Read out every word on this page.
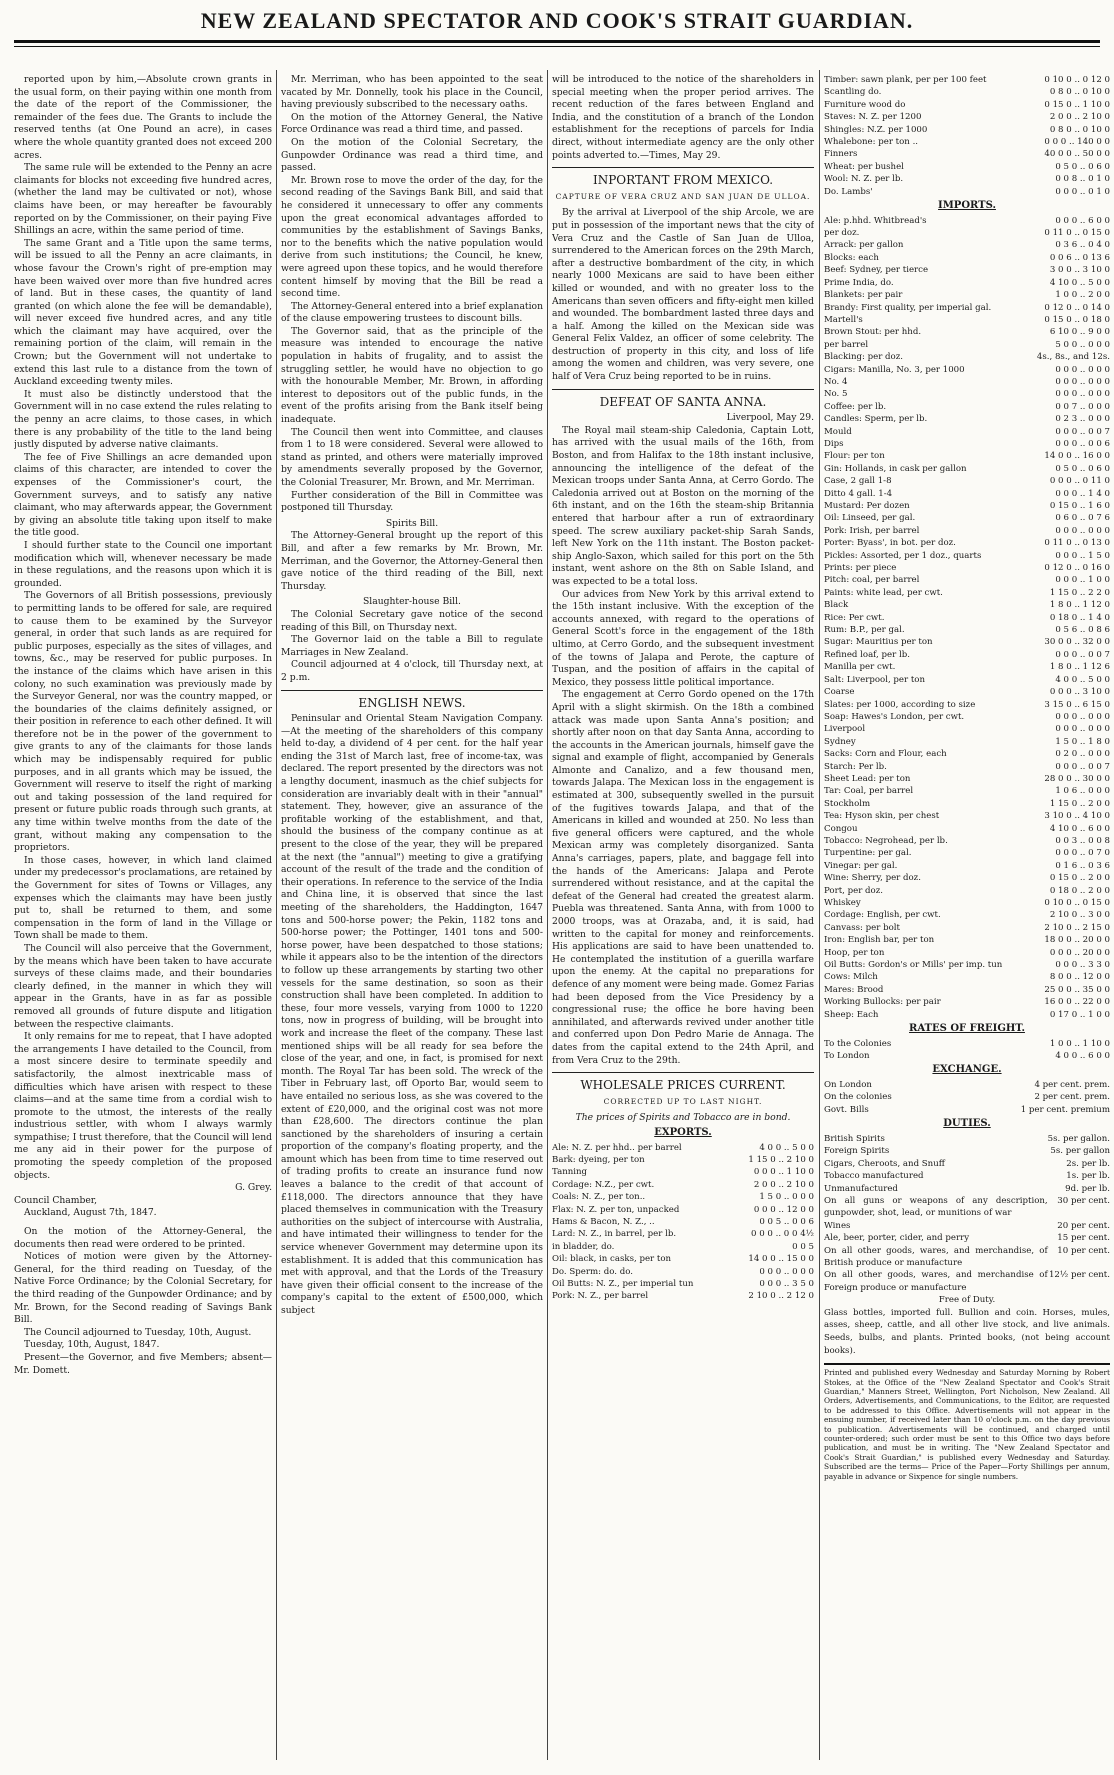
NEW ZEALAND SPECTATOR AND COOK'S STRAIT GUARDIAN.

reported upon by him,—Absolute crown grants in the usual form, on their paying within one month from the date of the report of the Commissioner, the remainder of the fees due. The Grants to include the reserved tenths (at One Pound an acre), in cases where the whole quantity granted does not exceed 200 acres.

The same rule will be extended to the Penny an acre claimants for blocks not exceeding five hundred acres, (whether the land may be cultivated or not), whose claims have been, or may hereafter be favourably reported on by the Commissioner, on their paying Five Shillings an acre, within the same period of time.

The same Grant and a Title upon the same terms, will be issued to all the Penny an acre claimants, in whose favour the Crown's right of pre-emption may have been waived over more than five hundred acres of land. But in these cases, the quantity of land granted (on which alone the fee will be demandable), will never exceed five hundred acres, and any title which the claimant may have acquired, over the remaining portion of the claim, will remain in the Crown; but the Government will not undertake to extend this last rule to a distance from the town of Auckland exceeding twenty miles.

It must also be distinctly understood that the Government will in no case extend the rules relating to the penny an acre claims, to those cases, in which there is any probability of the title to the land being justly disputed by adverse native claimants.

The fee of Five Shillings an acre demanded upon claims of this character, are intended to cover the expenses of the Commissioner's court, the Government surveys, and to satisfy any native claimant, who may afterwards appear, the Government by giving an absolute title taking upon itself to make the title good.

I should further state to the Council one important modification which will, whenever necessary be made in these regulations, and the reasons upon which it is grounded.

The Governors of all British possessions, previously to permitting lands to be offered for sale, are required to cause them to be examined by the Surveyor general, in order that such lands as are required for public purposes, especially as the sites of villages, and towns, &c., may be reserved for public purposes. In the instance of the claims which have arisen in this colony, no such examination was previously made by the Surveyor General, nor was the country mapped, or the boundaries of the claims definitely assigned, or their position in reference to each other defined. It will therefore not be in the power of the government to give grants to any of the claimants for those lands which may be indispensably required for public purposes, and in all grants which may be issued, the Government will reserve to itself the right of marking out and taking possession of the land required for present or future public roads through such grants, at any time within twelve months from the date of the grant, without making any compensation to the proprietors.

In those cases, however, in which land claimed under my predecessor's proclamations, are retained by the Government for sites of Towns or Villages, any expenses which the claimants may have been justly put to, shall be returned to them, and some compensation in the form of land in the Village or Town shall be made to them.

The Council will also perceive that the Government, by the means which have been taken to have accurate surveys of these claims made, and their boundaries clearly defined, in the manner in which they will appear in the Grants, have in as far as possible removed all grounds of future dispute and litigation between the respective claimants.

It only remains for me to repeat, that I have adopted the arrangements I have detailed to the Council, from a most sincere desire to terminate speedily and satisfactorily, the almost inextricable mass of difficulties which have arisen with respect to these claims—and at the same time from a cordial wish to promote to the utmost, the interests of the really industrious settler, with whom I always warmly sympathise; I trust therefore, that the Council will lend me any aid in their power for the purpose of promoting the speedy completion of the proposed objects.

G. Grey.

Council Chamber,

Auckland, August 7th, 1847.

On the motion of the Attorney-General, the documents then read were ordered to be printed.

Notices of motion were given by the Attorney-General, for the third reading on Tuesday, of the Native Force Ordinance; by the Colonial Secretary, for the third reading of the Gunpowder Ordinance; and by Mr. Brown, for the Second reading of Savings Bank Bill.

The Council adjourned to Tuesday, 10th, August.

Tuesday, 10th, August, 1847.

Present—the Governor, and five Members; absent—Mr. Domett.

Mr. Merriman, who has been appointed to the seat vacated by Mr. Donnelly, took his place in the Council, having previously subscribed to the necessary oaths.

On the motion of the Attorney General, the Native Force Ordinance was read a third time, and passed.

On the motion of the Colonial Secretary, the Gunpowder Ordinance was read a third time, and passed.

Mr. Brown rose to move the order of the day, for the second reading of the Savings Bank Bill, and said that he considered it unnecessary to offer any comments upon the great economical advantages afforded to communities by the establishment of Savings Banks, nor to the benefits which the native population would derive from such institutions; the Council, he knew, were agreed upon these topics, and he would therefore content himself by moving that the Bill be read a second time.

The Attorney-General entered into a brief explanation of the clause empowering trustees to discount bills.

The Governor said, that as the principle of the measure was intended to encourage the native population in habits of frugality, and to assist the struggling settler, he would have no objection to go with the honourable Member, Mr. Brown, in affording interest to depositors out of the public funds, in the event of the profits arising from the Bank itself being inadequate.

The Council then went into Committee, and clauses from 1 to 18 were considered. Several were allowed to stand as printed, and others were materially improved by amendments severally proposed by the Governor, the Colonial Treasurer, Mr. Brown, and Mr. Merriman.

Further consideration of the Bill in Committee was postponed till Thursday.

Spirits Bill.

The Attorney-General brought up the report of this Bill, and after a few remarks by Mr. Brown, Mr. Merriman, and the Governor, the Attorney-General then gave notice of the third reading of the Bill, next Thursday.

Slaughter-house Bill.

The Colonial Secretary gave notice of the second reading of this Bill, on Thursday next.

The Governor laid on the table a Bill to regulate Marriages in New Zealand.

Council adjourned at 4 o'clock, till Thursday next, at 2 p.m.

ENGLISH NEWS.

Peninsular and Oriental Steam Navigation Company.—At the meeting of the shareholders of this company held to-day, a dividend of 4 per cent. for the half year ending the 31st of March last, free of income-tax, was declared. The report presented by the directors was not a lengthy document, inasmuch as the chief subjects for consideration are invariably dealt with in their "annual" statement. They, however, give an assurance of the profitable working of the establishment, and that, should the business of the company continue as at present to the close of the year, they will be prepared at the next (the "annual") meeting to give a gratifying account of the result of the trade and the condition of their operations. In reference to the service of the India and China line, it is observed that since the last meeting of the shareholders, the Haddington, 1647 tons and 500-horse power; the Pekin, 1182 tons and 500-horse power; the Pottinger, 1401 tons and 500-horse power, have been despatched to those stations; while it appears also to be the intention of the directors to follow up these arrangements by starting two other vessels for the same destination, so soon as their construction shall have been completed. In addition to these, four more vessels, varying from 1000 to 1220 tons, now in progress of building, will be brought into work and increase the fleet of the company. These last mentioned ships will be all ready for sea before the close of the year, and one, in fact, is promised for next month. The Royal Tar has been sold. The wreck of the Tiber in February last, off Oporto Bar, would seem to have entailed no serious loss, as she was covered to the extent of £20,000, and the original cost was not more than £28,600. The directors continue the plan sanctioned by the shareholders of insuring a certain proportion of the company's floating property, and the amount which has been from time to time reserved out of trading profits to create an insurance fund now leaves a balance to the credit of that account of £118,000. The directors announce that they have placed themselves in communication with the Treasury authorities on the subject of intercourse with Australia, and have intimated their willingness to tender for the service whenever Government may determine upon its establishment. It is added that this communication has met with approval, and that the Lords of the Treasury have given their official consent to the increase of the company's capital to the extent of £500,000, which subject

will be introduced to the notice of the shareholders in special meeting when the proper period arrives. The recent reduction of the fares between England and India, and the constitution of a branch of the London establishment for the receptions of parcels for India direct, without intermediate agency are the only other points adverted to.—Times, May 29.

INPORTANT FROM MEXICO.
CAPTURE OF VERA CRUZ AND SAN JUAN DE ULLOA.

By the arrival at Liverpool of the ship Arcole, we are put in possession of the important news that the city of Vera Cruz and the Castle of San Juan de Ulloa, surrendered to the American forces on the 29th March, after a destructive bombardment of the city, in which nearly 1000 Mexicans are said to have been either killed or wounded, and with no greater loss to the Americans than seven officers and fifty-eight men killed and wounded. The bombardment lasted three days and a half. Among the killed on the Mexican side was General Felix Valdez, an officer of some celebrity. The destruction of property in this city, and loss of life among the women and children, was very severe, one half of Vera Cruz being reported to be in ruins.

DEFEAT OF SANTA ANNA.

Liverpool, May 29.

The Royal mail steam-ship Caledonia, Captain Lott, has arrived with the usual mails of the 16th, from Boston, and from Halifax to the 18th instant inclusive, announcing the intelligence of the defeat of the Mexican troops under Santa Anna, at Cerro Gordo. The Caledonia arrived out at Boston on the morning of the 6th instant, and on the 16th the steam-ship Britannia entered that harbour after a run of extraordinary speed. The screw auxiliary packet-ship Sarah Sands, left New York on the 11th instant. The Boston packet-ship Anglo-Saxon, which sailed for this port on the 5th instant, went ashore on the 8th on Sable Island, and was expected to be a total loss.

Our advices from New York by this arrival extend to the 15th instant inclusive. With the exception of the accounts annexed, with regard to the operations of General Scott's force in the engagement of the 18th ultimo, at Cerro Gordo, and the subsequent investment of the towns of Jalapa and Perote, the capture of Tuspan, and the position of affairs in the capital of Mexico, they possess little political importance.

The engagement at Cerro Gordo opened on the 17th April with a slight skirmish. On the 18th a combined attack was made upon Santa Anna's position; and shortly after noon on that day Santa Anna, according to the accounts in the American journals, himself gave the signal and example of flight, accompanied by Generals Almonte and Canalizo, and a few thousand men, towards Jalapa. The Mexican loss in the engagement is estimated at 300, subsequently swelled in the pursuit of the fugitives towards Jalapa, and that of the Americans in killed and wounded at 250. No less than five general officers were captured, and the whole Mexican army was completely disorganized. Santa Anna's carriages, papers, plate, and baggage fell into the hands of the Americans: Jalapa and Perote surrendered without resistance, and at the capital the defeat of the General had created the greatest alarm. Puebla was threatened. Santa Anna, with from 1000 to 2000 troops, was at Orazaba, and, it is said, had written to the capital for money and reinforcements. His applications are said to have been unattended to. He contemplated the institution of a guerilla warfare upon the enemy. At the capital no preparations for defence of any moment were being made. Gomez Farias had been deposed from the Vice Presidency by a congressional ruse; the office he bore having been annihilated, and afterwards revived under another title and conferred upon Don Pedro Marie de Annaga. The dates from the capital extend to the 24th April, and from Vera Cruz to the 29th.

WHOLESALE PRICES CURRENT.
CORRECTED UP TO LAST NIGHT.

The prices of Spirits and Tobacco are in bond.

EXPORTS.
Ale: N. Z. per hhd.. per barrel	4 0 0 .. 5 0 0
Bark: dyeing, per ton	1 15 0 .. 2 10 0
Tanning	0 0 0 .. 1 10 0
Cordage: N.Z., per cwt.	2 0 0 .. 2 10 0
Coals: N. Z., per ton..	1 5 0 .. 0 0 0
Flax: N. Z. per ton, unpacked	0 0 0 .. 12 0 0
Hams & Bacon, N. Z., ..	0 0 5 .. 0 0 6
Lard: N. Z., in barrel, per lb.	0 0 0 .. 0 0 4½
in bladder, do.	0 0 5
Oil: black, in casks, per ton	14 0 0 .. 15 0 0
Do. Sperm: do. do.	0 0 0 .. 0 0 0
Oil Butts: N. Z., per imperial tun	0 0 0 .. 3 5 0
Pork: N. Z., per barrel	2 10 0 .. 2 12 0
Timber: sawn plank, per per 100 feet	0 10 0 .. 0 12 0
Scantling do.	0 8 0 .. 0 10 0
Furniture wood do	0 15 0 .. 1 10 0
Staves: N. Z. per 1200	2 0 0 .. 2 10 0
Shingles: N.Z. per 1000	0 8 0 .. 0 10 0
Whalebone: per ton ..	0 0 0 .. 140 0 0
Finners	40 0 0 .. 50 0 0
Wheat: per bushel	0 5 0 .. 0 6 0
Wool: N. Z. per lb.	0 0 8 .. 0 1 0
Do. Lambs'	0 0 0 .. 0 1 0
IMPORTS.
Ale: p.hhd. Whitbread's	0 0 0 .. 6 0 0
per doz.	0 11 0 .. 0 15 0
Arrack: per gallon	0 3 6 .. 0 4 0
Blocks: each	0 0 6 .. 0 13 6
Beef: Sydney, per tierce	3 0 0 .. 3 10 0
Prime India, do.	4 10 0 .. 5 0 0
Blankets: per pair	1 0 0 .. 2 0 0
Brandy: First quality, per imperial gal.	0 12 0 .. 0 14 0
Martell's	0 15 0 .. 0 18 0
Brown Stout: per hhd.	6 10 0 .. 9 0 0
per barrel	5 0 0 .. 0 0 0
Blacking: per doz.	4s., 8s., and 12s.
Cigars: Manilla, No. 3, per 1000	0 0 0 .. 0 0 0
No. 4	0 0 0 .. 0 0 0
No. 5	0 0 0 .. 0 0 0
Coffee: per lb.	0 0 7 .. 0 0 0
Candles: Sperm, per lb.	0 2 3 .. 0 0 0
Mould	0 0 0 .. 0 0 7
Dips	0 0 0 .. 0 0 6
Flour: per ton	14 0 0 .. 16 0 0
Gin: Hollands, in cask per gallon	0 5 0 .. 0 6 0
Case, 2 gall 1-8	0 0 0 .. 0 11 0
Ditto 4 gall. 1-4	0 0 0 .. 1 4 0
Mustard: Per dozen	0 15 0 .. 1 6 0
Oil: Linseed, per gal.	0 6 0 .. 0 7 6
Pork: Irish, per barrel	0 0 0 .. 0 0 0
Porter: Byass', in bot. per doz.	0 11 0 .. 0 13 0
Pickles: Assorted, per 1 doz., quarts	0 0 0 .. 1 5 0
Prints: per piece	0 12 0 .. 0 16 0
Pitch: coal, per barrel	0 0 0 .. 1 0 0
Paints: white lead, per cwt.	1 15 0 .. 2 2 0
Black	1 8 0 .. 1 12 0
Rice: Per cwt.	0 18 0 .. 1 4 0
Rum: B.P., per gal.	0 5 6 .. 0 8 6
Sugar: Mauritius per ton	30 0 0 .. 32 0 0
Refined loaf, per lb.	0 0 0 .. 0 0 7
Manilla per cwt.	1 8 0 .. 1 12 6
Salt: Liverpool, per ton	4 0 0 .. 5 0 0
Coarse	0 0 0 .. 3 10 0
Slates: per 1000, according to size	3 15 0 .. 6 15 0
Soap: Hawes's London, per cwt.	0 0 0 .. 0 0 0
Liverpool	0 0 0 .. 0 0 0
Sydney	1 5 0 .. 1 8 0
Sacks: Corn and Flour, each	0 2 0 .. 0 0 0
Starch: Per lb.	0 0 0 .. 0 0 7
Sheet Lead: per ton	28 0 0 .. 30 0 0
Tar: Coal, per barrel	1 0 6 .. 0 0 0
Stockholm	1 15 0 .. 2 0 0
Tea: Hyson skin, per chest	3 10 0 .. 4 10 0
Congou	4 10 0 .. 6 0 0
Tobacco: Negrohead, per lb.	0 0 3 .. 0 0 8
Turpentine: per gal.	0 0 0 .. 0 7 0
Vinegar: per gal.	0 1 6 .. 0 3 6
Wine: Sherry, per doz.	0 15 0 .. 2 0 0
Port, per doz.	0 18 0 .. 2 0 0
Whiskey	0 10 0 .. 0 15 0
Cordage: English, per cwt.	2 10 0 .. 3 0 0
Canvass: per bolt	2 10 0 .. 2 15 0
Iron: English bar, per ton	18 0 0 .. 20 0 0
Hoop, per ton	0 0 0 .. 20 0 0
Oil Butts: Gordon's or Mills' per imp. tun	0 0 0 .. 3 3 0
Cows: Milch	8 0 0 .. 12 0 0
Mares: Brood	25 0 0 .. 35 0 0
Working Bullocks: per pair	16 0 0 .. 22 0 0
Sheep: Each	0 17 0 .. 1 0 0
RATES OF FREIGHT.
To the Colonies	1 0 0 .. 1 10 0
To London	4 0 0 .. 6 0 0
EXCHANGE.
On London	4 per cent. prem.
On the colonies	2 per cent. prem.
Govt. Bills	1 per cent. premium
DUTIES.
British Spirits	5s. per gallon.
Foreign Spirits	5s. per gallon
Cigars, Cheroots, and Snuff	2s. per lb.
Tobacco manufactured	1s. per lb.
Unmanufactured	9d. per lb.
On all guns or weapons of any description, gunpowder, shot, lead, or munitions of war	30 per cent.
Wines	20 per cent.
Ale, beer, porter, cider, and perry	15 per cent.
On all other goods, wares, and merchandise, of British produce or manufacture	10 per cent.
On all other goods, wares, and merchandise of Foreign produce or manufacture	12½ per cent.

Free of Duty.

Glass bottles, imported full. Bullion and coin. Horses, mules, asses, sheep, cattle, and all other live stock, and live animals. Seeds, bulbs, and plants. Printed books, (not being account books).

Printed and published every Wednesday and Saturday Morning by Robert Stokes, at the Office of the "New Zealand Spectator and Cook's Strait Guardian," Manners Street, Wellington, Port Nicholson, New Zealand. All Orders, Advertisements, and Communications, to the Editor, are requested to be addressed to this Office. Advertisements will not appear in the ensuing number, if received later than 10 o'clock p.m. on the day previous to publication. Advertisements will be continued, and charged until counter-ordered; such order must be sent to this Office two days before publication, and must be in writing. The "New Zealand Spectator and Cook's Strait Guardian," is published every Wednesday and Saturday. Subscribed are the terms— Price of the Paper—Forty Shillings per annum, payable in advance or Sixpence for single numbers.
